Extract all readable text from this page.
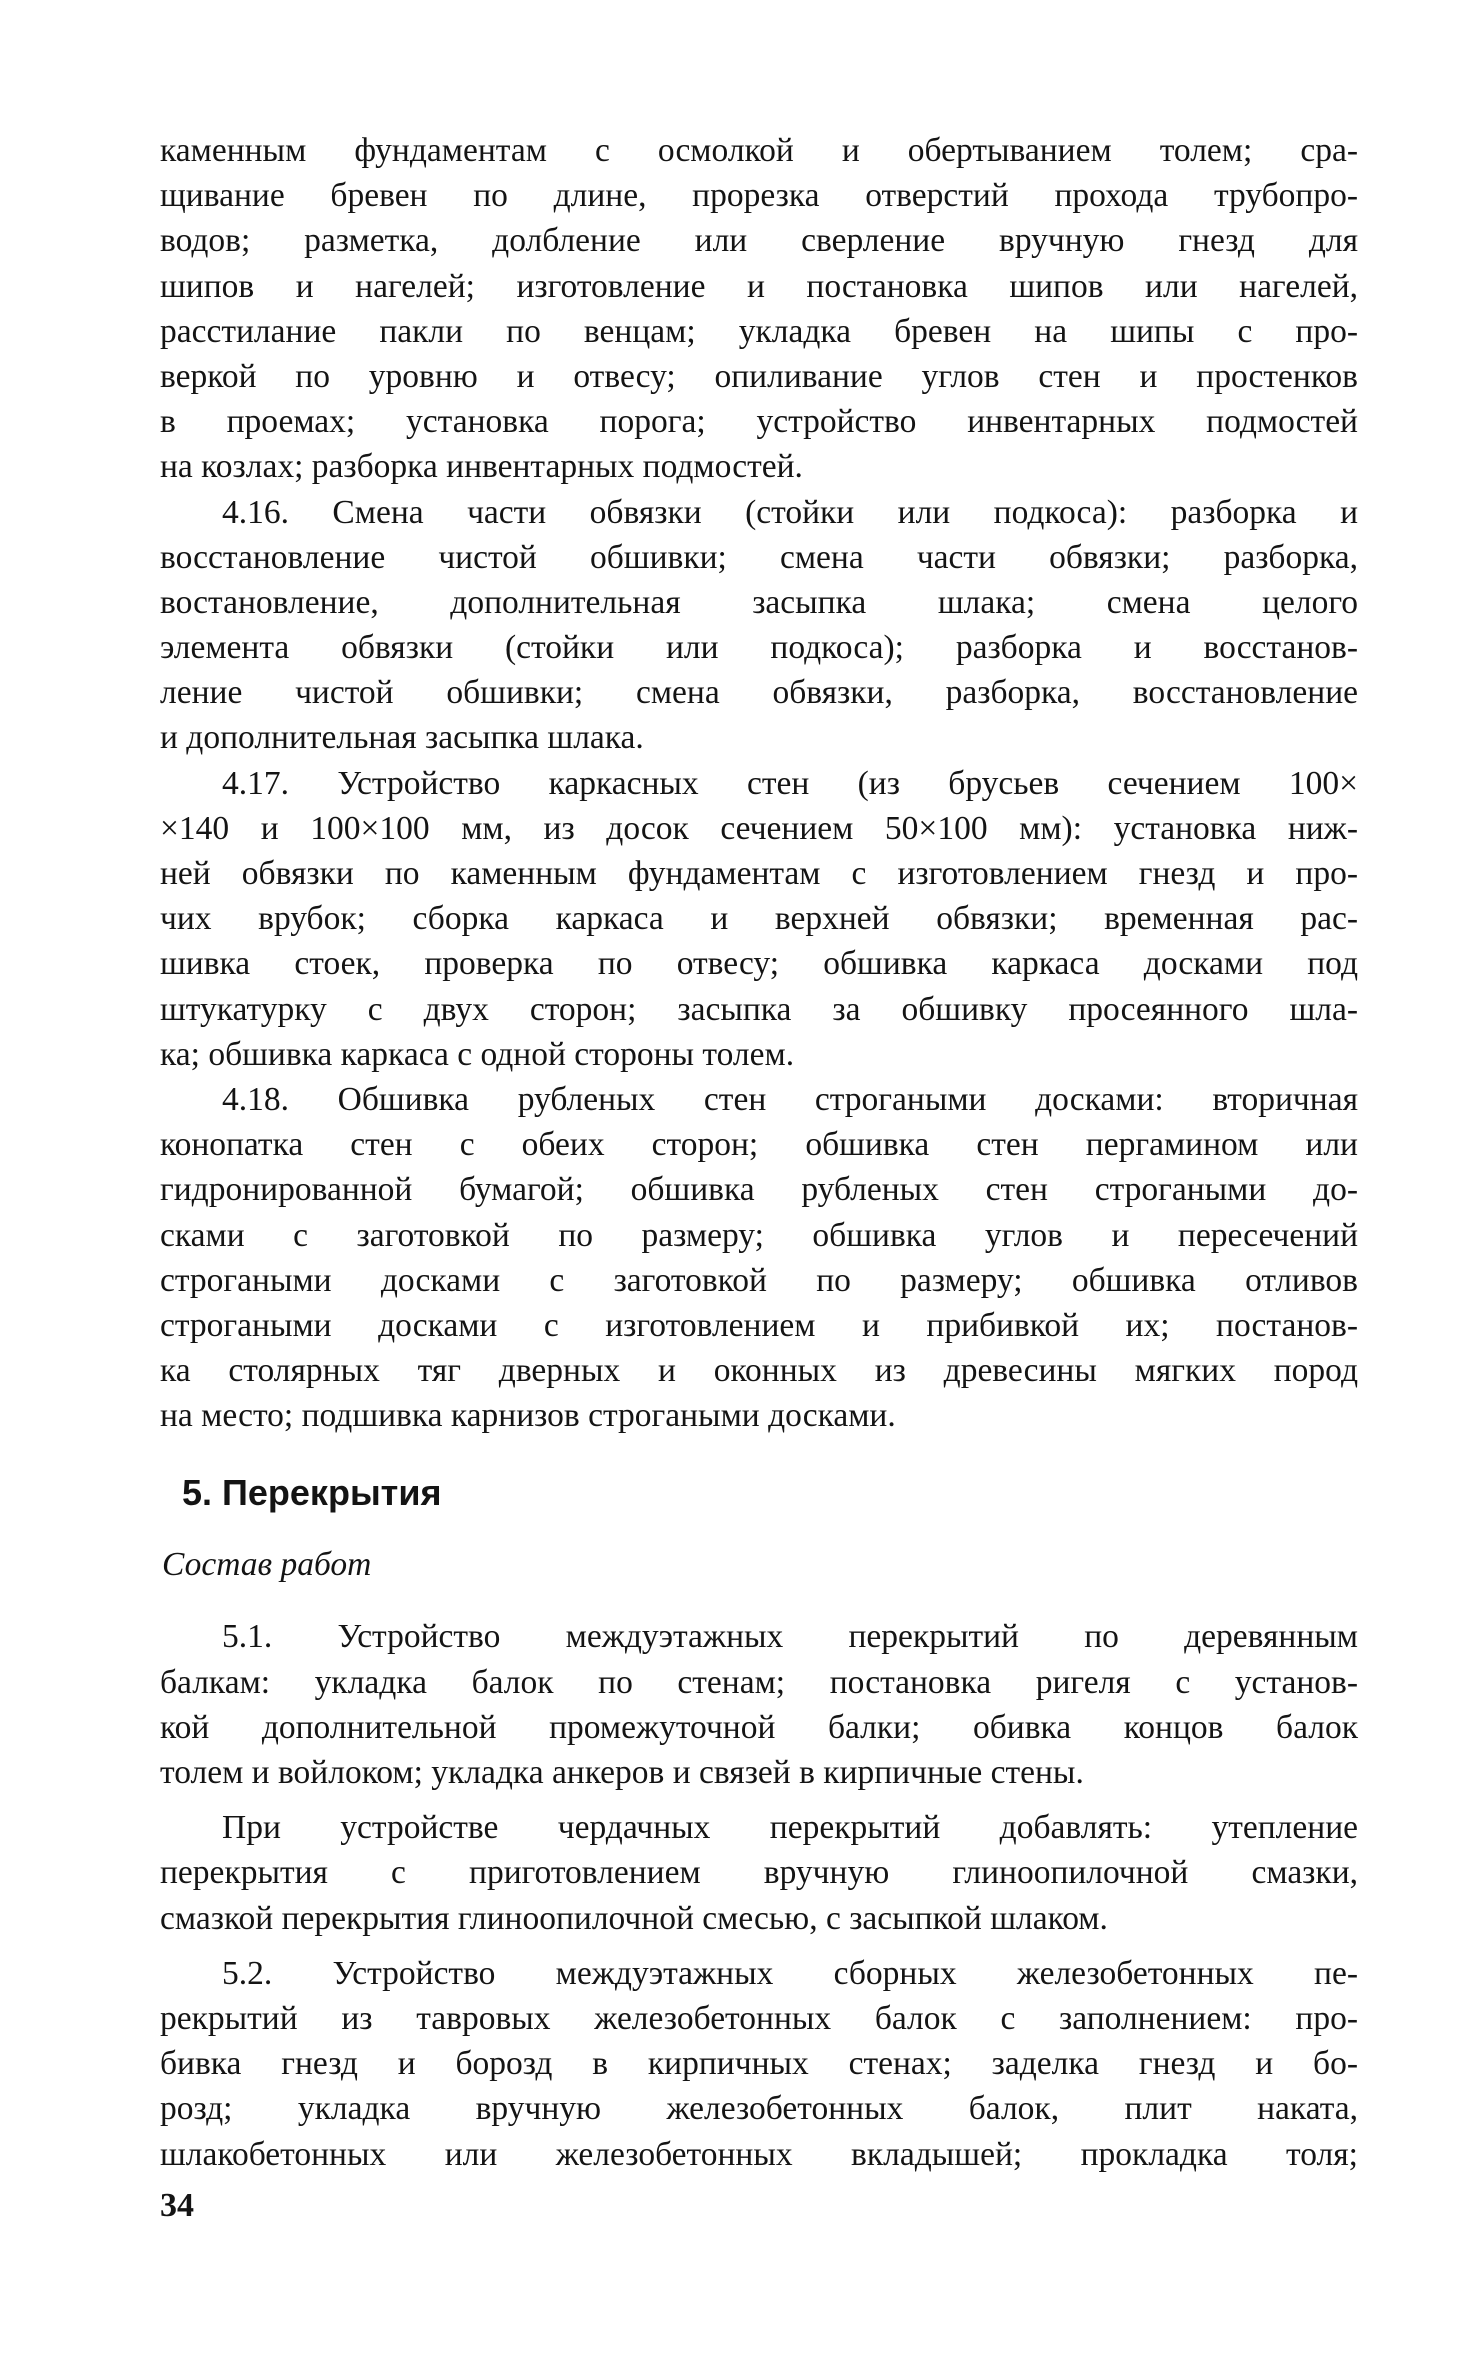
каменным фундаментам с осмолкой и обертыванием толем; сра-
щивание бревен по длине, прорезка отверстий прохода трубопро-
водов; разметка, долбление или сверление вручную гнезд для
шипов и нагелей; изготовление и постановка шипов или нагелей,
расстилание пакли по венцам; укладка бревен на шипы с про-
веркой по уровню и отвесу; опиливание углов стен и простенков
в проемах; установка порога; устройство инвентарных подмостей
на козлах; разборка инвентарных подмостей.

4.16. Смена части обвязки (стойки или подкоса): разборка и
восстановление чистой обшивки; смена части обвязки; разборка,
востановление, дополнительная засыпка шлака; смена целого
элемента обвязки (стойки или подкоса); разборка и восстанов-
ление чистой обшивки; смена обвязки, разборка, восстановление
и дополнительная засыпка шлака.

4.17. Устройство каркасных стен (из брусьев сечением 100×
×140 и 100×100 мм, из досок сечением 50×100 мм): установка ниж-
ней обвязки по каменным фундаментам с изготовлением гнезд и про-
чих врубок; сборка каркаса и верхней обвязки; временная рас-
шивка стоек, проверка по отвесу; обшивка каркаса досками под
штукатурку с двух сторон; засыпка за обшивку просеянного шла-
ка; обшивка каркаса с одной стороны толем.

4.18. Обшивка рубленых стен строгаными досками: вторичная
конопатка стен с обеих сторон; обшивка стен пергамином или
гидронированной бумагой; обшивка рубленых стен строгаными до-
сками с заготовкой по размеру; обшивка углов и пересечений
строгаными досками с заготовкой по размеру; обшивка отливов
строгаными досками с изготовлением и прибивкой их; постанов-
ка столярных тяг дверных и оконных из древесины мягких пород
на место; подшивка карнизов строгаными досками.

5. Перекрытия
Состав работ

5.1. Устройство междуэтажных перекрытий по деревянным
балкам: укладка балок по стенам; постановка ригеля с установ-
кой дополнительной промежуточной балки; обивка концов балок
толем и войлоком; укладка анкеров и связей в кирпичные стены.

При устройстве чердачных перекрытий добавлять: утепление
перекрытия с приготовлением вручную глиноопилочной смазки,
смазкой перекрытия глиноопилочной смесью, с засыпкой шлаком.

5.2. Устройство междуэтажных сборных железобетонных пе-
рекрытий из тавровых железобетонных балок с заполнением: про-
бивка гнезд и борозд в кирпичных стенах; заделка гнезд и бо-
розд; укладка вручную железобетонных балок, плит наката,
шлакобетонных или железобетонных вкладышей; прокладка толя;

34
